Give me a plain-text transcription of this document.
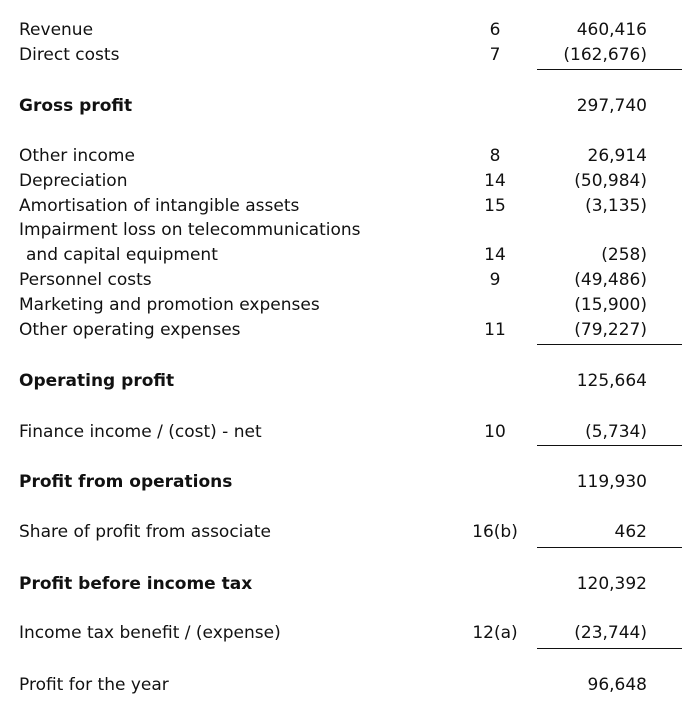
Revenue	6	460,416
Direct costs	7	(162,676)
Gross profit	297,740
Other income	8	26,914
Depreciation	14	(50,984)
Amortisation of intangible assets	15	(3,135)
Impairment loss on telecommunications
and capital equipment	14	(258)
Personnel costs	9	(49,486)
Marketing and promotion expenses	(15,900)
Other operating expenses	11	(79,227)
Operating profit	125,664
Finance income / (cost) - net	10	(5,734)
Profit from operations	119,930
Share of profit from associate	16(b)	462
Profit before income tax	120,392
Income tax benefit / (expense)	12(a)	(23,744)
Profit for the year	96,648
